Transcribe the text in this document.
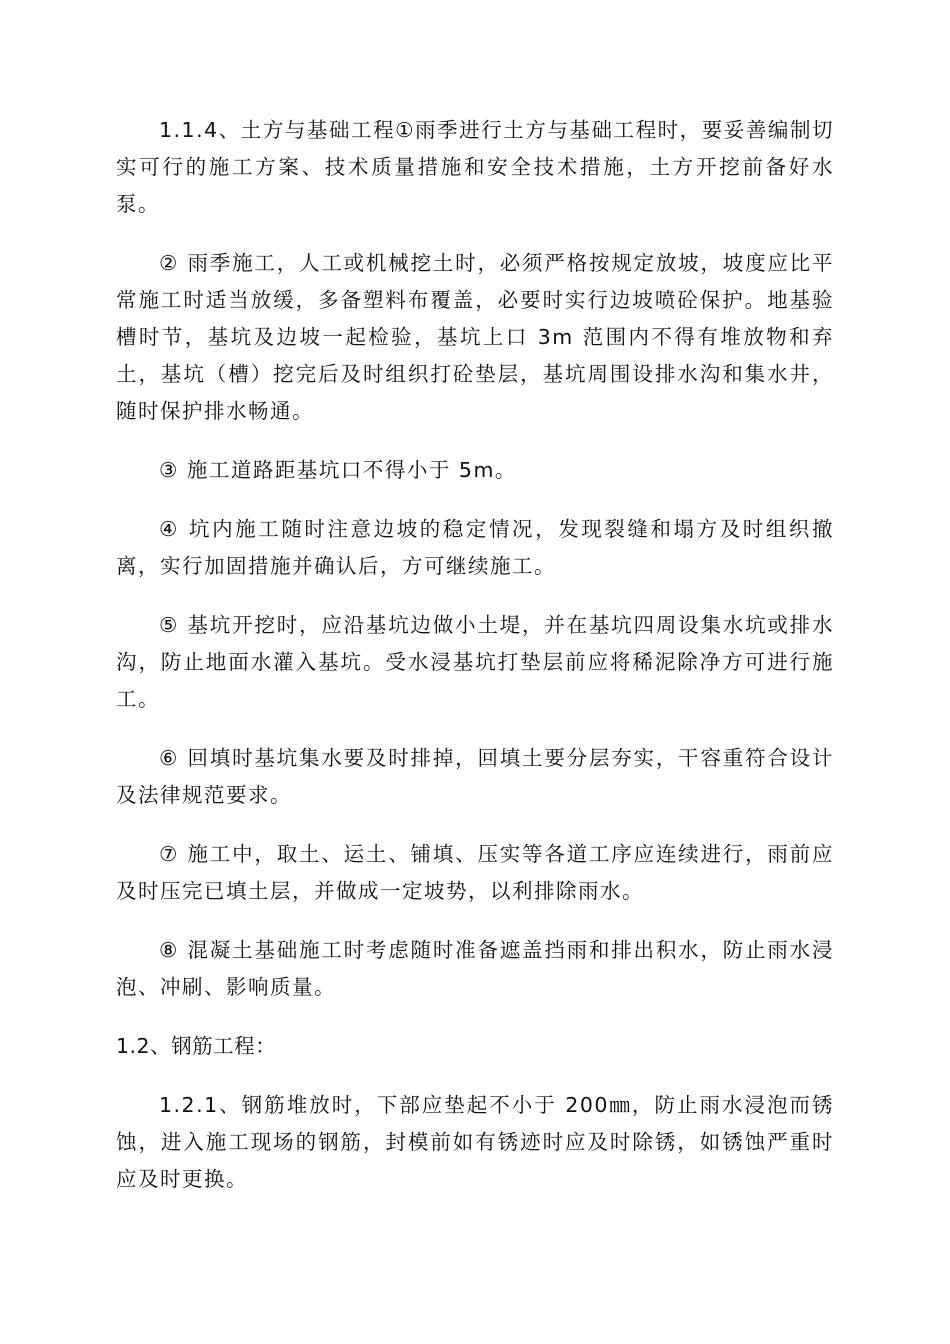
1.1.4、土方与基础工程①雨季进行土方与基础工程时，要妥善编制切实可行的施工方案、技术质量措施和安全技术措施，土方开挖前备好水泵。

② 雨季施工，人工或机械挖土时，必须严格按规定放坡，坡度应比平常施工时适当放缓，多备塑料布覆盖，必要时实行边坡喷砼保护。地基验槽时节，基坑及边坡一起检验，基坑上口 3m 范围内不得有堆放物和弃土，基坑（槽）挖完后及时组织打砼垫层，基坑周围设排水沟和集水井，随时保护排水畅通。

③ 施工道路距基坑口不得小于 5m。

④ 坑内施工随时注意边坡的稳定情况，发现裂缝和塌方及时组织撤离，实行加固措施并确认后，方可继续施工。

⑤ 基坑开挖时，应沿基坑边做小土堤，并在基坑四周设集水坑或排水沟，防止地面水灌入基坑。受水浸基坑打垫层前应将稀泥除净方可进行施工。

⑥ 回填时基坑集水要及时排掉，回填土要分层夯实，干容重符合设计及法律规范要求。

⑦ 施工中，取土、运土、铺填、压实等各道工序应连续进行，雨前应及时压完已填土层，并做成一定坡势，以利排除雨水。

⑧ 混凝土基础施工时考虑随时准备遮盖挡雨和排出积水，防止雨水浸泡、冲刷、影响质量。

1.2、钢筋工程：

1.2.1、钢筋堆放时，下部应垫起不小于 200㎜，防止雨水浸泡而锈蚀，进入施工现场的钢筋，封模前如有锈迹时应及时除锈，如锈蚀严重时应及时更换。
